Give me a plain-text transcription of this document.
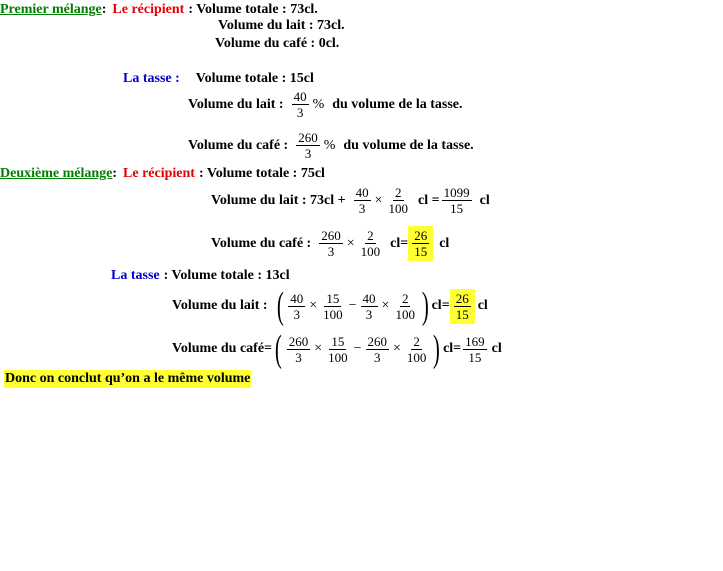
Premier mélange : Le récipient : Volume totale : 73cl.
Volume du lait : 73cl.
Volume du café : 0cl.
La tasse : Volume totale : 15cl
Volume du lait : $\frac{40}{3}$ % du volume de la tasse.
Volume du café : $\frac{260}{3}$ % du volume de la tasse.
Deuxième mélange : Le récipient : Volume totale : 75cl
Volume du lait : $73cl + \frac{40}{3} \times \frac{2}{100}$ cl = $\frac{1099}{15}$ cl
Volume du café : $\frac{260}{3} \times \frac{2}{100} cl= \frac{26}{15}$ cl
La tasse : Volume totale : 13cl
Volume du lait : ( $\frac{40}{3} \times \frac{15}{100} - \frac{40}{3} \times \frac{2}{100}$ ) $cl= \frac{26}{15}$ cl
Volume du café= ( $\frac{260}{3} \times \frac{15}{100} - \frac{260}{3} \times \frac{2}{100}$ ) $cl= \frac{169}{15}$ cl
Donc on conclut qu’on a le même volume
